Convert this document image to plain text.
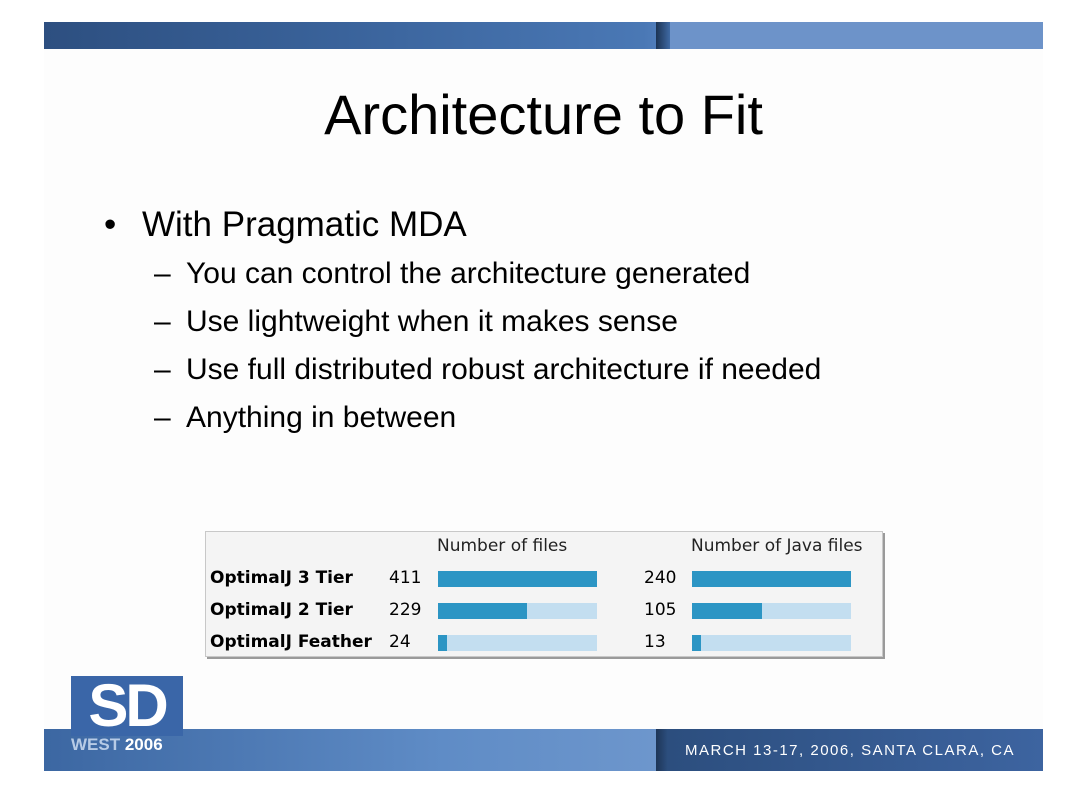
Architecture to Fit
• With Pragmatic MDA
– You can control the architecture generated
– Use lightweight when it makes sense
– Use full distributed robust architecture if needed
– Anything in between
Number of files	Number of Java files
OptimalJ 3 Tier 411	240
OptimalJ 2 Tier 229	105
OptimalJ Feather 24	13
MARCH 13-17, 2006, SANTA CLARA, CA
SD
WEST 2006
